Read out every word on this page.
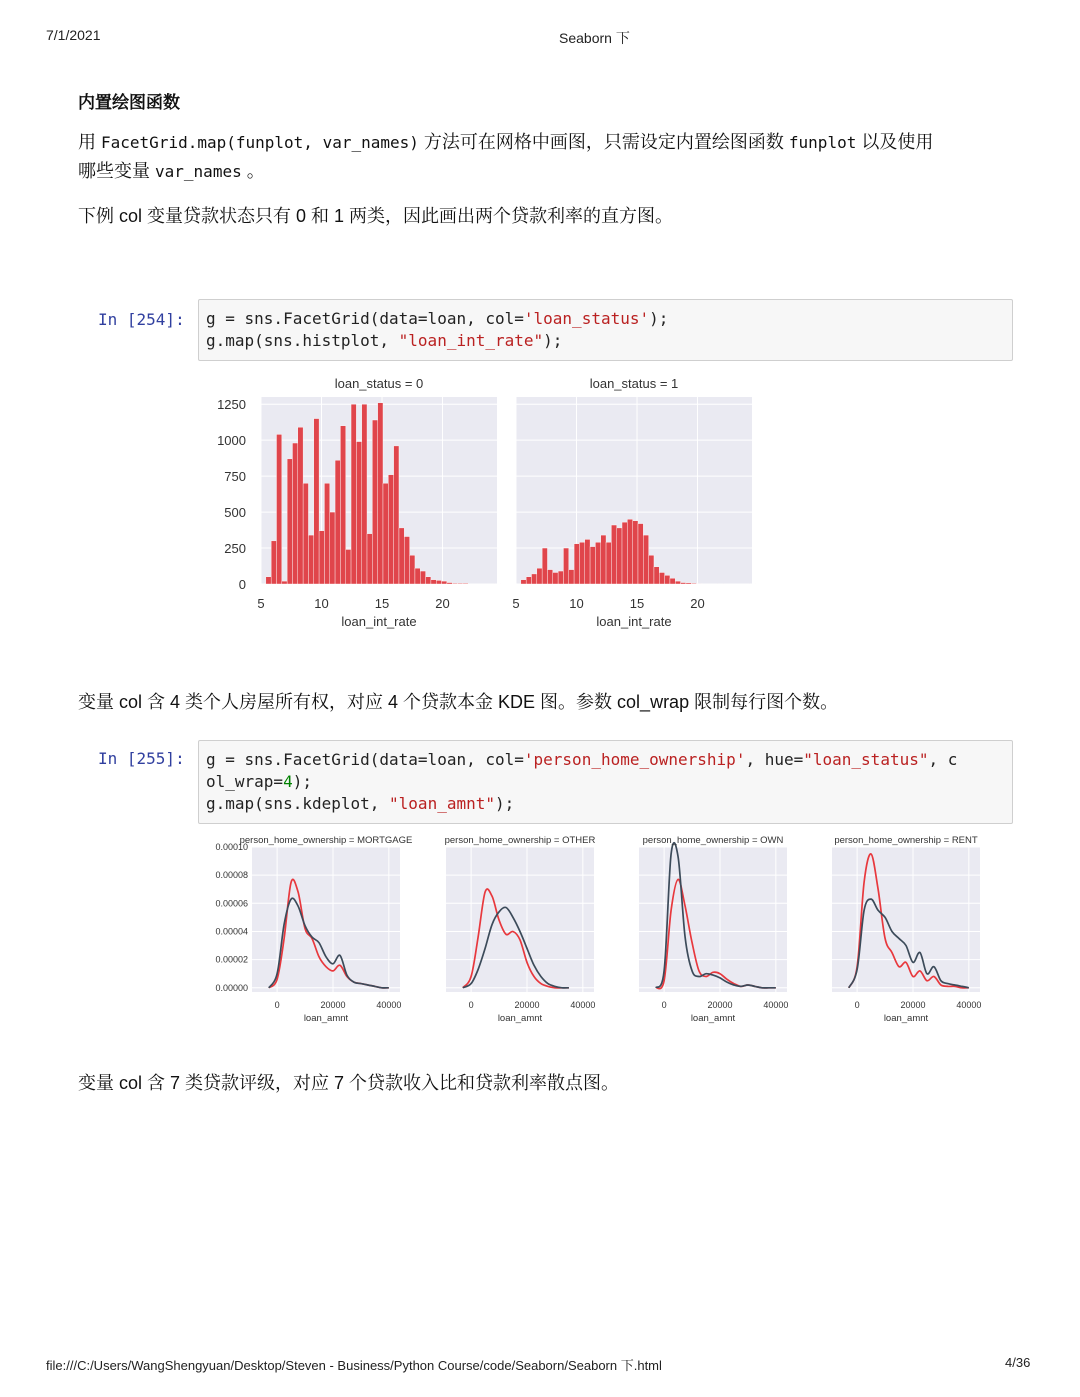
7/1/2021	Seaborn 下
内置绘图函数
用 FacetGrid.map(funplot, var_names) 方法可在网格中画图，只需设定内置绘图函数 funplot 以及使用
哪些变量 var_names 。
下例 col 变量贷款状态只有 0 和 1 两类，因此画出两个贷款利率的直方图。
In [254]: g = sns.FacetGrid(data=loan, col='loan_status');
g.map(sns.histplot, "loan_int_rate");
loan_status = 0
5	10	15	20
loan_int_rate
0
250
500
750
1000
1250
loan_status = 1
5	10	15	20
loan_int_rate
变量 col 含 4 类个人房屋所有权，对应 4 个贷款本金 KDE 图。参数 col_wrap 限制每行图个数。
In [255]: g = sns.FacetGrid(data=loan, col='person_home_ownership', hue="loan_status", c
ol_wrap=4);
g.map(sns.kdeplot, "loan_amnt");
person_home_ownership = MORTGAGE
0	20000	40000
loan_amnt
0.00000
0.00002
0.00004
0.00006
0.00008
0.00010
person_home_ownership = OTHER
0	20000	40000
loan_amnt
person_home_ownership = OWN
0	20000	40000
loan_amnt
person_home_ownership = RENT
0	20000	40000
loan_amnt
变量 col 含 7 类贷款评级，对应 7 个贷款收入比和贷款利率散点图。
file:///C:/Users/WangShengyuan/Desktop/Steven - Business/Python Course/code/Seaborn/Seaborn 下.html	4/36
